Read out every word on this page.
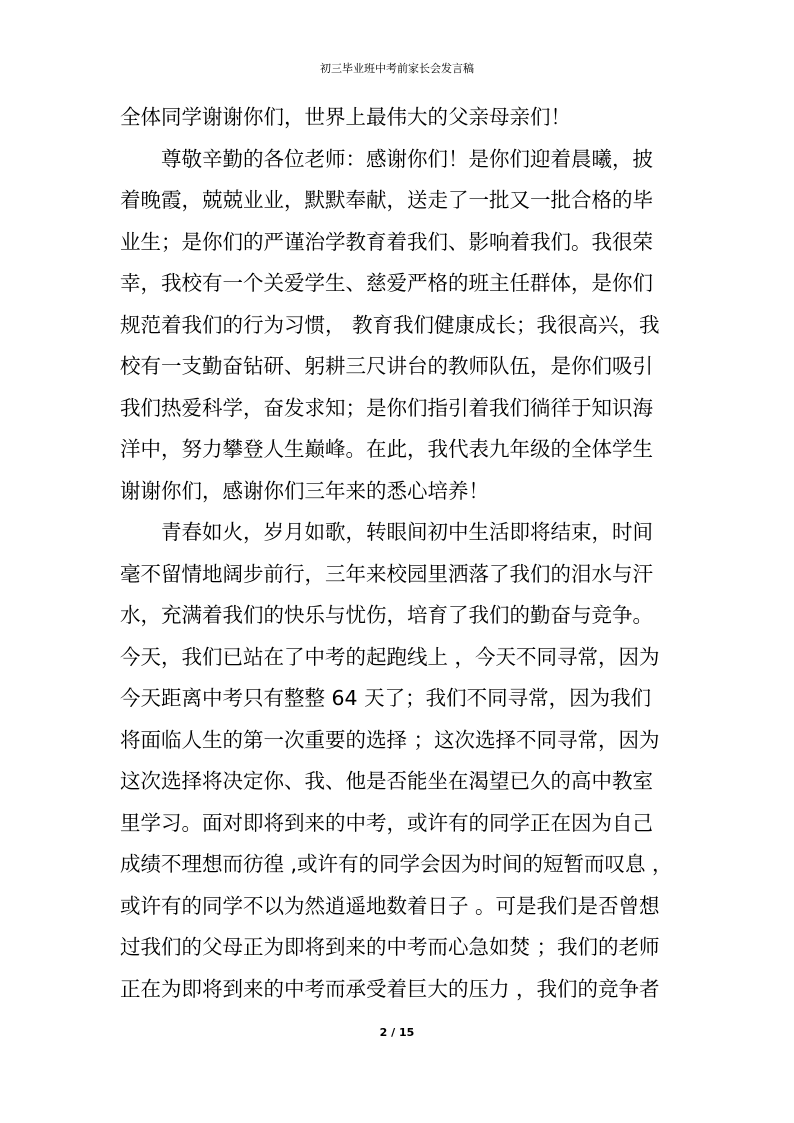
初三毕业班中考前家长会发言稿
全体同学谢谢你们，世界上最伟大的父亲母亲们！
尊敬辛勤的各位老师：感谢你们！是你们迎着晨曦，披
着晚霞，兢兢业业，默默奉献，送走了一批又一批合格的毕
业生；是你们的严谨治学教育着我们、影响着我们。我很荣
幸，我校有一个关爱学生、慈爱严格的班主任群体，是你们
规范着我们的行为习惯， 教育我们健康成长；我很高兴，我
校有一支勤奋钻研、躬耕三尺讲台的教师队伍，是你们吸引
我们热爱科学，奋发求知；是你们指引着我们徜徉于知识海
洋中，努力攀登人生巅峰。在此，我代表九年级的全体学生
谢谢你们，感谢你们三年来的悉心培养！
青春如火，岁月如歌，转眼间初中生活即将结束，时间
毫不留情地阔步前行，三年来校园里洒落了我们的泪水与汗
水，充满着我们的快乐与忧伤，培育了我们的勤奋与竞争。
今天，我们已站在了中考的起跑线上 ，今天不同寻常，因为
今天距离中考只有整整 64 天了；我们不同寻常，因为我们
将面临人生的第一次重要的选择 ；这次选择不同寻常，因为
这次选择将决定你、我、他是否能坐在渴望已久的高中教室
里学习。面对即将到来的中考，或许有的同学正在因为自己
成绩不理想而彷徨 ,或许有的同学会因为时间的短暂而叹息 ，
或许有的同学不以为然逍遥地数着日子 。可是我们是否曾想
过我们的父母正为即将到来的中考而心急如焚 ；我们的老师
正在为即将到来的中考而承受着巨大的压力 ，我们的竞争者
2 / 15
